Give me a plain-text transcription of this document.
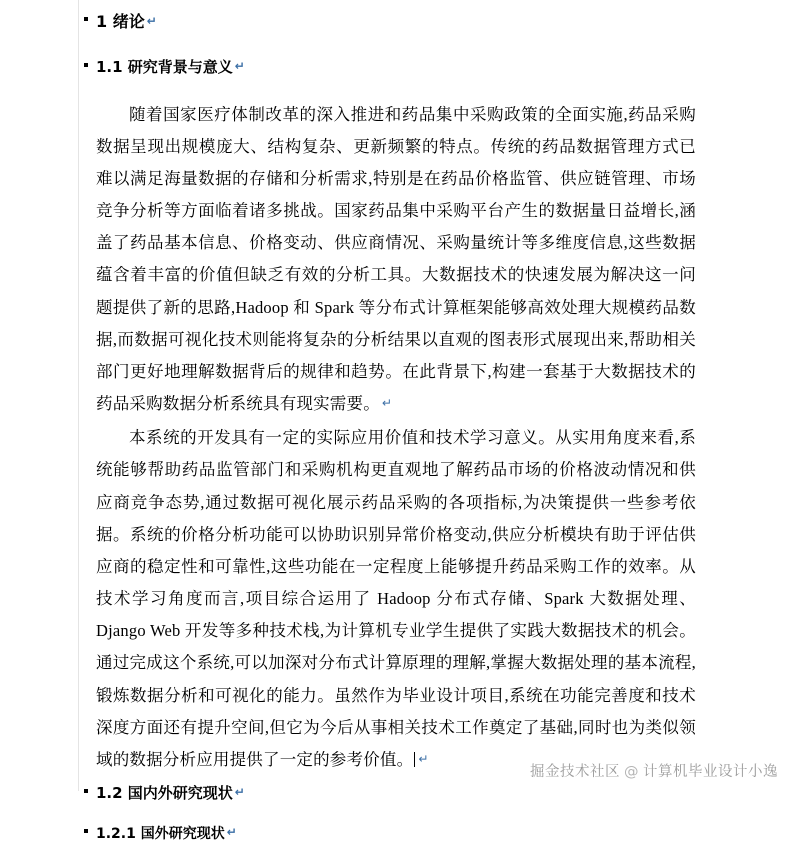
1 绪论 ↵
1.1 研究背景与意义 ↵

随着国家医疗体制改革的深入推进和药品集中采购政策的全面实施,药品采购数据呈现出规模庞大、结构复杂、更新频繁的特点。传统的药品数据管理方式已难以满足海量数据的存储和分析需求,特别是在药品价格监管、供应链管理、市场竞争分析等方面临着诸多挑战。国家药品集中采购平台产生的数据量日益增长,涵盖了药品基本信息、价格变动、供应商情况、采购量统计等多维度信息,这些数据蕴含着丰富的价值但缺乏有效的分析工具。大数据技术的快速发展为解决这一问题提供了新的思路,Hadoop 和 Spark 等分布式计算框架能够高效处理大规模药品数据,而数据可视化技术则能将复杂的分析结果以直观的图表形式展现出来,帮助相关部门更好地理解数据背后的规律和趋势。在此背景下,构建一套基于大数据技术的药品采购数据分析系统具有现实需要。 ↵

本系统的开发具有一定的实际应用价值和技术学习意义。从实用角度来看,系统能够帮助药品监管部门和采购机构更直观地了解药品市场的价格波动情况和供应商竞争态势,通过数据可视化展示药品采购的各项指标,为决策提供一些参考依据。系统的价格分析功能可以协助识别异常价格变动,供应分析模块有助于评估供应商的稳定性和可靠性,这些功能在一定程度上能够提升药品采购工作的效率。从技术学习角度而言,项目综合运用了 Hadoop 分布式存储、Spark 大数据处理、Django Web 开发等多种技术栈,为计算机专业学生提供了实践大数据技术的机会。通过完成这个系统,可以加深对分布式计算原理的理解,掌握大数据处理的基本流程,锻炼数据分析和可视化的能力。虽然作为毕业设计项目,系统在功能完善度和技术深度方面还有提升空间,但它为今后从事相关技术工作奠定了基础,同时也为类似领域的数据分析应用提供了一定的参考价值。 ↵

1.2 国内外研究现状 ↵
1.2.1 国外研究现状 ↵
掘金技术社区 @ 计算机毕业设计小逸
